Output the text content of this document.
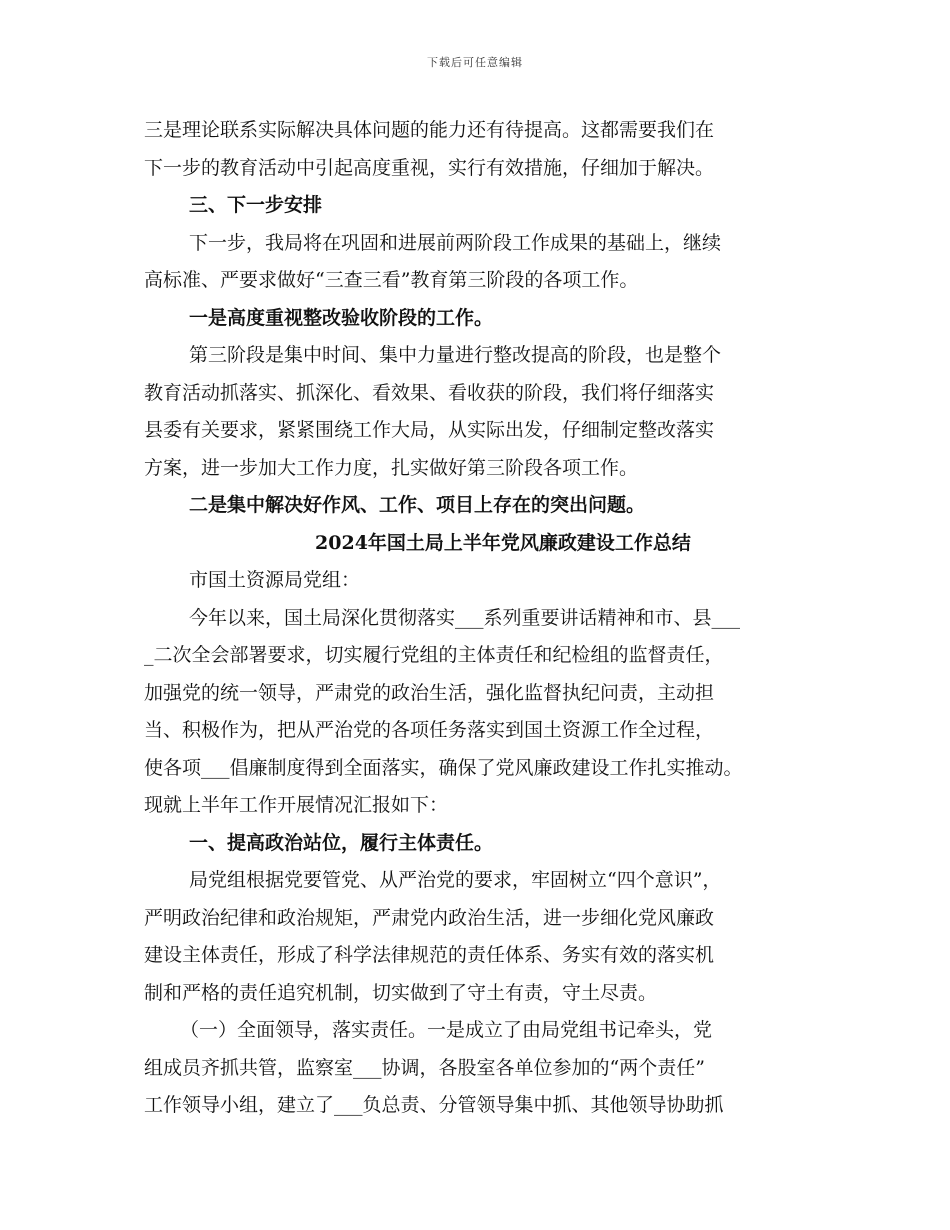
下载后可任意编辑
三是理论联系实际解决具体问题的能力还有待提高。这都需要我们在
下一步的教育活动中引起高度重视，实行有效措施，仔细加于解决。
三、下一步安排
下一步，我局将在巩固和进展前两阶段工作成果的基础上，继续
高标准、严要求做好“三查三看”教育第三阶段的各项工作。
一是高度重视整改验收阶段的工作。
第三阶段是集中时间、集中力量进行整改提高的阶段，也是整个
教育活动抓落实、抓深化、看效果、看收获的阶段，我们将仔细落实
县委有关要求，紧紧围绕工作大局，从实际出发，仔细制定整改落实
方案，进一步加大工作力度，扎实做好第三阶段各项工作。
二是集中解决好作风、工作、项目上存在的突出问题。
2024年国土局上半年党风廉政建设工作总结
市国土资源局党组：
今年以来，国土局深化贯彻落实___系列重要讲话精神和市、县___
_二次全会部署要求，切实履行党组的主体责任和纪检组的监督责任，
加强党的统一领导，严肃党的政治生活，强化监督执纪问责，主动担
当、积极作为，把从严治党的各项任务落实到国土资源工作全过程，
使各项___倡廉制度得到全面落实，确保了党风廉政建设工作扎实推动。
现就上半年工作开展情况汇报如下：
一、提高政治站位，履行主体责任。
局党组根据党要管党、从严治党的要求，牢固树立“四个意识”，
严明政治纪律和政治规矩，严肃党内政治生活，进一步细化党风廉政
建设主体责任，形成了科学法律规范的责任体系、务实有效的落实机
制和严格的责任追究机制，切实做到了守土有责，守土尽责。
（一）全面领导，落实责任。一是成立了由局党组书记牵头，党
组成员齐抓共管，监察室___协调，各股室各单位参加的“两个责任”
工作领导小组，建立了___负总责、分管领导集中抓、其他领导协助抓
